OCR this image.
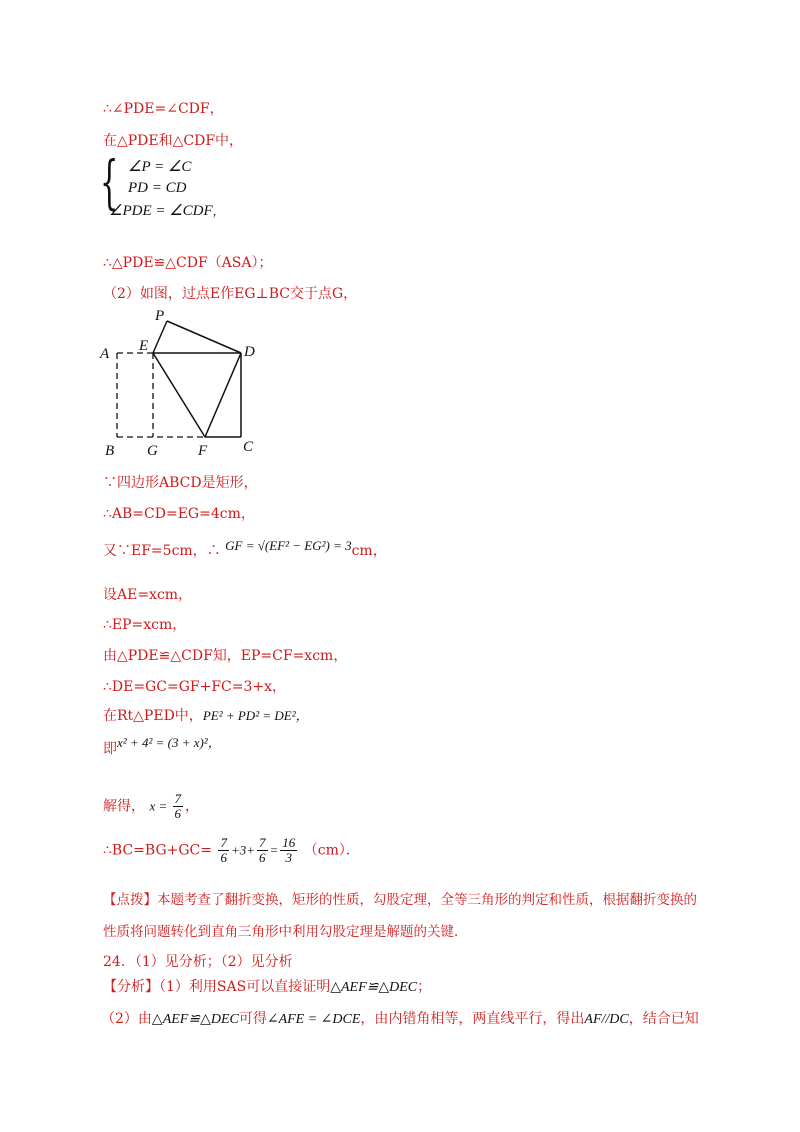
∴∠PDE=∠CDF，
在△PDE和△CDF中，
{ ∠P = ∠C
PD = CD
∠PDE = ∠CDF，
∴△PDE≌△CDF（ASA）；
（2）如图，过点E作EG⊥BC交于点G，
P
A E	D
B G	F C
∵四边形ABCD是矩形，
∴AB=CD=EG=4cm，
又∵EF=5cm，∴ GF = √(EF² − EG²) = 3cm，
设AE=xcm，
∴EP=xcm，
由△PDE≌△CDF知，EP=CF=xcm，
∴DE=GC=GF+FC=3+x，
在Rt△PED中，PE² + PD² = DE²，
即x² + 4² = (3 + x)²，
解得， $x = \frac{7}{6}$ ，
∴BC=BG+GC= $\frac{7}{6} +3+ \frac{7}{6} = \frac{16}{3} (cm)$．
【点拨】本题考查了翻折变换，矩形的性质，勾股定理，全等三角形的判定和性质，根据翻折变换的
性质将问题转化到直角三角形中利用勾股定理是解题的关键．
24．（1）见分析；（2）见分析
【分析】（1）利用SAS可以直接证明△AEF≌△DEC；
（2）由△AEF≌△DEC可得∠AFE = ∠DCE，由内错角相等，两直线平行，得出AF//DC，结合已知
